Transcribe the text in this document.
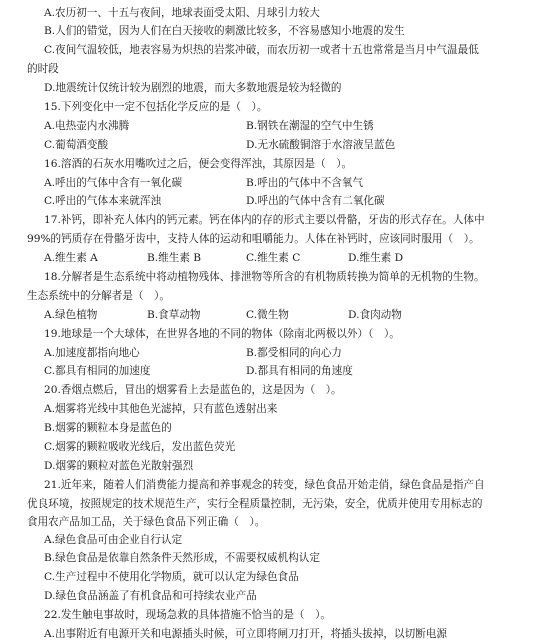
A.农历初一、十五与夜间，地球表面受太阳、月球引力较大
B.人们的错觉，因为人们在白天接收的刺激比较多，不容易感知小地震的发生
C.夜间气温较低，地表容易为炽热的岩浆冲破，而农历初一或者十五也常常是当月中气温最低
的时段
D.地震统计仅统计较为剧烈的地震，而大多数地震是较为轻微的
15.下列变化中一定不包括化学反应的是（　）。
A.电热壶内水沸腾	B.钢铁在潮湿的空气中生锈
C.葡萄酒变酸	D.无水硫酸铜溶于水溶液呈蓝色
16.溶酒的石灰水用嘴吹过之后，便会变得浑浊，其原因是（　）。
A.呼出的气体中含有一氧化碳	B.呼出的气体中不含氧气
C.呼出的气体本来就浑浊	D.呼出的气体中含有二氧化碳
17.补钙，即补充人体内的钙元素。钙在体内的存的形式主要以骨骼，牙齿的形式存在。人体中
99%的钙质存在骨骼牙齿中，支持人体的运动和咀嚼能力。人体在补钙时，应该同时服用（　）。
A.维生素 A	B.维生素 B	C.维生素 C	D.维生素 D
18.分解者是生态系统中将动植物残体、排泄物等所含的有机物质转换为简单的无机物的生物。
生态系统中的分解者是（　）。
A.绿色植物	B.食草动物	C.微生物	D.食肉动物
19.地球是一个大球体，在世界各地的不同的物体（除南北两极以外）（　）。
A.加速度都指向地心	B.都受相同的向心力
C.都具有相同的加速度	D.都具有相同的角速度
20.香烟点燃后，冒出的烟雾看上去是蓝色的，这是因为（　）。
A.烟雾将光线中其他色光滤掉，只有蓝色透射出来
B.烟雾的颗粒本身是蓝色的
C.烟雾的颗粒吸收光线后，发出蓝色荧光
D.烟雾的颗粒对蓝色光散射强烈
21.近年来，随着人们消费能力提高和养事观念的转变，绿色食品开始走俏，绿色食品是指产自
优良环境，按照规定的技术规范生产，实行全程质量控制，无污染，安全，优质并使用专用标志的
食用农产品加工品，关于绿色食品下列正确（　）。
A.绿色食品可由企业自行认定
B.绿色食品是依靠自然条件天然形成，不需要权威机构认定
C.生产过程中不使用化学物质，就可以认定为绿色食品
D.绿色食品涵盖了有机食品和可持续农业产品
22.发生触电事故时，现场急救的具体措施不恰当的是（　）。
A.出事附近有电源开关和电源插头时候，可立即将闸刀打开，将插头拔掉，以切断电源
